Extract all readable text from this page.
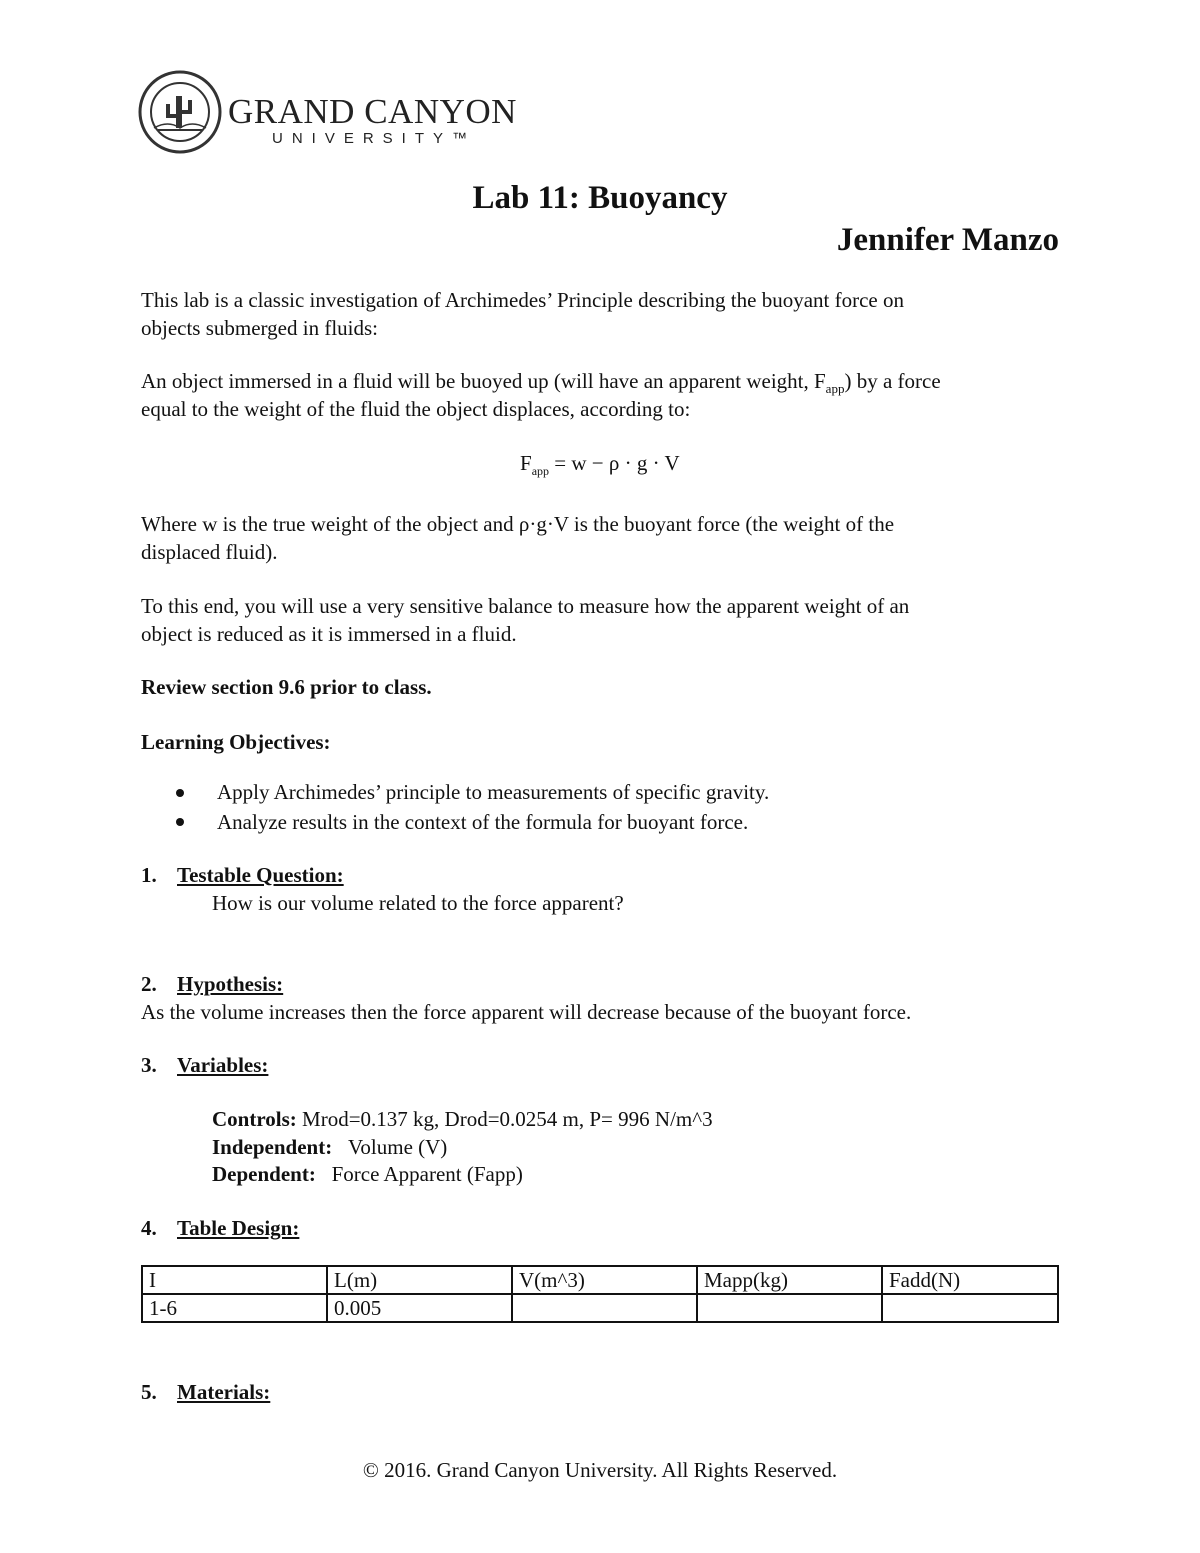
GRAND CANYON
UNIVERSITY™
Lab 11: Buoyancy
Jennifer Manzo
This lab is a classic investigation of Archimedes’ Principle describing the buoyant force on
objects submerged in fluids:
An object immersed in a fluid will be buoyed up (will have an apparent weight, $F_{app}$) by a force
equal to the weight of the fluid the object displaces, according to:
$F_{app} = w - \rho \cdot g \cdot V$
Where w is the true weight of the object and ρ·g·V is the buoyant force (the weight of the
displaced fluid).
To this end, you will use a very sensitive balance to measure how the apparent weight of an
object is reduced as it is immersed in a fluid.
Review section 9.6 prior to class.
Learning Objectives:
Apply Archimedes’ principle to measurements of specific gravity.
Analyze results in the context of the formula for buoyant force.
1. Testable Question:
How is our volume related to the force apparent?
2. Hypothesis:
As the volume increases then the force apparent will decrease because of the buoyant force.
3. Variables:
Controls: Mrod=0.137 kg, Drod=0.0254 m, P= 996 N/m^3
Independent: Volume (V)
Dependent: Force Apparent (Fapp)
4. Table Design:
I	L(m)	V(m^3)	Mapp(kg)	Fadd(N)
1-6	0.005			
5. Materials:
© 2016. Grand Canyon University. All Rights Reserved.
